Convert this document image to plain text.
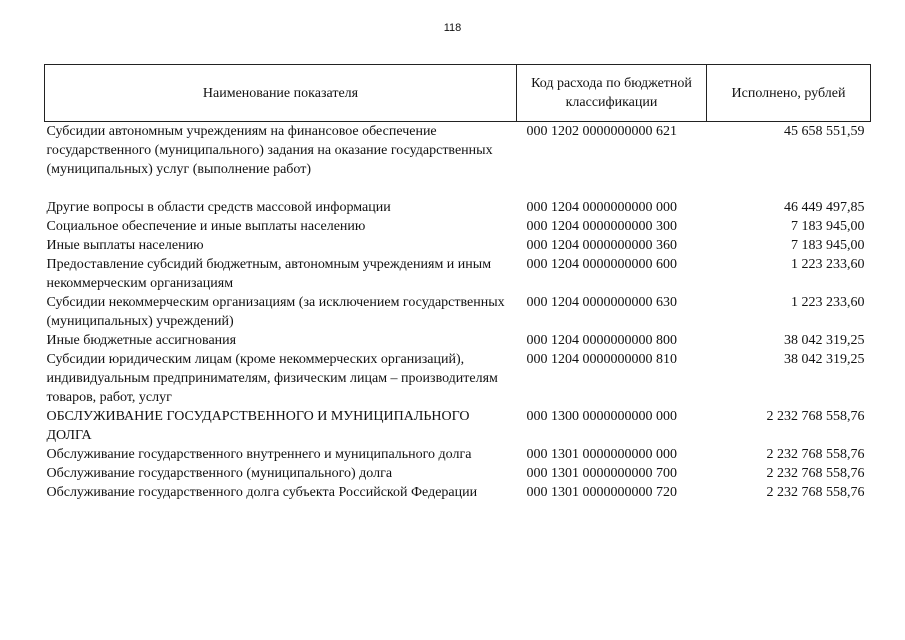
118
Наименование показателя	Код расхода по бюджетной классификации	Исполнено, рублей
Субсидии автономным учреждениям на финансовое обеспечение государственного (муниципального) задания на оказание государственных (муниципальных) услуг (выполнение работ)	000 1202 0000000000 621	45 658 551,59
Другие вопросы в области средств массовой информации	000 1204 0000000000 000	46 449 497,85
Социальное обеспечение и иные выплаты населению	000 1204 0000000000 300	7 183 945,00
Иные выплаты населению	000 1204 0000000000 360	7 183 945,00
Предоставление субсидий бюджетным, автономным учреждениям и иным некоммерческим организациям	000 1204 0000000000 600	1 223 233,60
Субсидии некоммерческим организациям (за исключением государственных (муниципальных) учреждений)	000 1204 0000000000 630	1 223 233,60
Иные бюджетные ассигнования	000 1204 0000000000 800	38 042 319,25
Субсидии юридическим лицам (кроме некоммерческих организаций), индивидуальным предпринимателям, физическим лицам – производителям товаров, работ, услуг	000 1204 0000000000 810	38 042 319,25
ОБСЛУЖИВАНИЕ ГОСУДАРСТВЕННОГО И МУНИЦИПАЛЬНОГО ДОЛГА	000 1300 0000000000 000	2 232 768 558,76
Обслуживание государственного внутреннего и муниципального долга	000 1301 0000000000 000	2 232 768 558,76
Обслуживание государственного (муниципального) долга	000 1301 0000000000 700	2 232 768 558,76
Обслуживание государственного долга субъекта Российской Федерации	000 1301 0000000000 720	2 232 768 558,76
